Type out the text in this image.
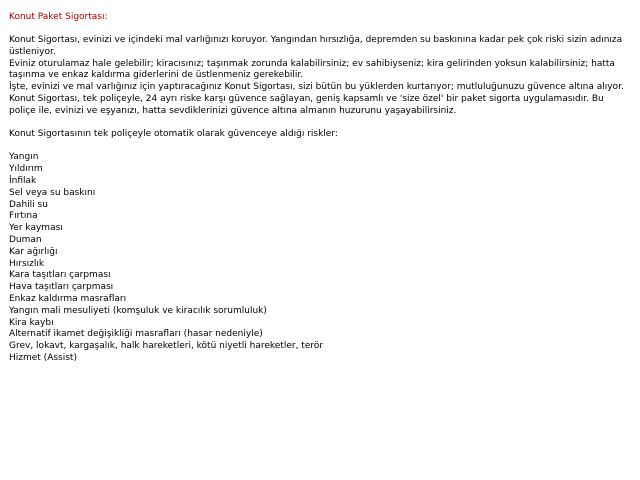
Konut Paket Sigortası:

Konut Sigortası, evinizi ve içindeki mal varlığınızı koruyor. Yangından hırsızlığa, depremden su baskınına kadar pek çok riski sizin adınıza üstleniyor.

Eviniz oturulamaz hale gelebilir; kiracısınız; taşınmak zorunda kalabilirsiniz; ev sahibiyseniz; kira gelirinden yoksun kalabilirsiniz; hatta taşınma ve enkaz kaldırma giderlerini de üstlenmeniz gerekebilir.

İşte, evinizi ve mal varlığınız için yaptıracağınız Konut Sigortası, sizi bütün bu yüklerden kurtarıyor; mutluluğunuzu güvence altına alıyor. Konut Sigortası, tek poliçeyle, 24 ayrı riske karşı güvence sağlayan, geniş kapsamlı ve 'size özel' bir paket sigorta uygulamasıdır. Bu poliçe ile, evinizi ve eşyanızı, hatta sevdiklerinizi güvence altına almanın huzurunu yaşayabilirsiniz.

Konut Sigortasının tek poliçeyle otomatik olarak güvenceye aldığı riskler:

Yangın
Yıldırım
İnfilak
Sel veya su baskını
Dahili su
Fırtına
Yer kayması
Duman
Kar ağırlığı
Hırsızlık
Kara taşıtları çarpması
Hava taşıtları çarpması
Enkaz kaldırma masrafları
Yangın mali mesuliyeti (komşuluk ve kiracılık sorumluluk)
Kira kaybı
Alternatif ikamet değişikliği masrafları (hasar nedeniyle)
Grev, lokavt, kargaşalık, halk hareketleri, kötü niyetli hareketler, terör
Hizmet (Assist)
